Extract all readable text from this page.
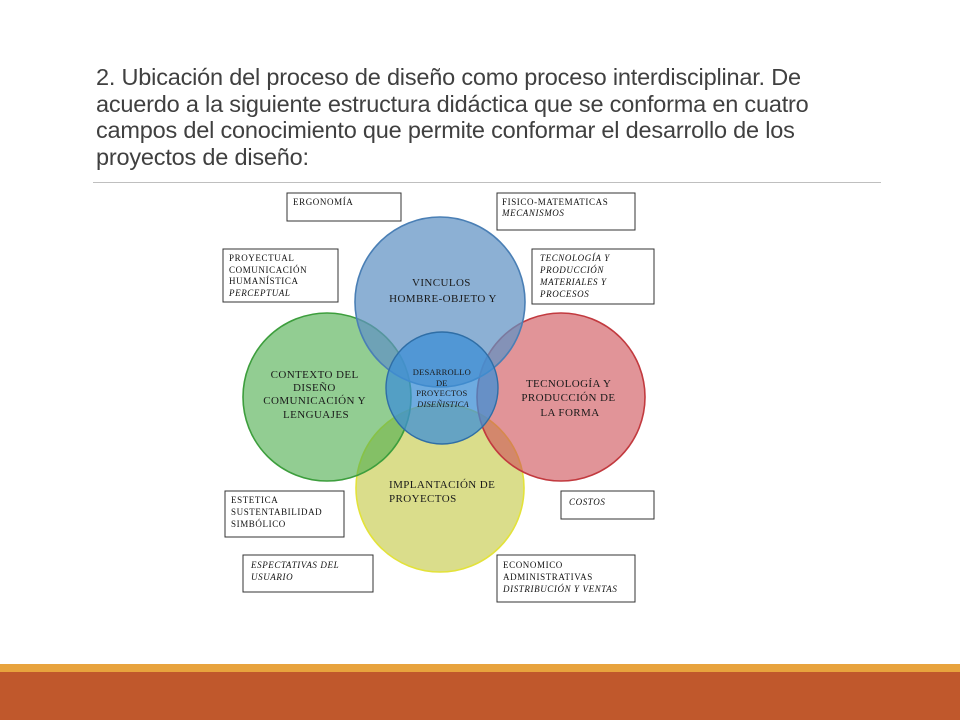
2. Ubicación del proceso de diseño como proceso interdisciplinar. De acuerdo a la siguiente estructura didáctica que se conforma en cuatro campos del conocimiento que permite conformar el desarrollo de los proyectos de diseño:
VINCULOS HOMBRE-OBJETO Y
CONTEXTO DEL DISEÑO COMUNICACIÓN Y LENGUAJES
TECNOLOGÍA Y PRODUCCIÓN DE LA FORMA
IMPLANTACIÓN DE PROYECTOS
DESARROLLO DE PROYECTOS DISEÑISTICA
ERGONOMÍA	FISICO-MATEMATICAS MECANISMOS
PROYECTUAL COMUNICACIÓN HUMANÍSTICA PERCEPTUAL
TECNOLOGÍA Y PRODUCCIÓN MATERIALES Y PROCESOS
ESTETICA SUSTENTABILIDAD SIMBÓLICO
COSTOS
ESPECTATIVAS DEL USUARIO
ECONOMICO ADMINISTRATIVAS DISTRIBUCIÓN Y VENTAS
